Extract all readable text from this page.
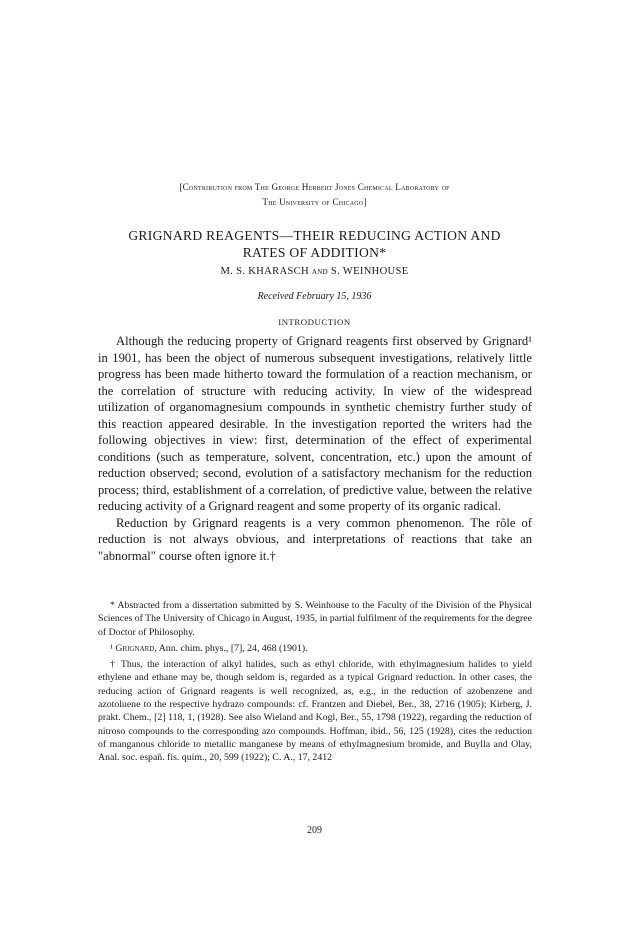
[Contribution from The George Herbert Jones Chemical Laboratory of
The University of Chicago]
GRIGNARD REAGENTS—THEIR REDUCING ACTION AND
RATES OF ADDITION*
M. S. KHARASCH and S. WEINHOUSE
Received February 15, 1936
INTRODUCTION

Although the reducing property of Grignard reagents first observed by Grignard¹ in 1901, has been the object of numerous subsequent investigations, relatively little progress has been made hitherto toward the formulation of a reaction mechanism, or the correlation of structure with reducing activity. In view of the widespread utilization of organomagnesium compounds in synthetic chemistry further study of this reaction appeared desirable. In the investigation reported the writers had the following objectives in view: first, determination of the effect of experimental conditions (such as temperature, solvent, concentration, etc.) upon the amount of reduction observed; second, evolution of a satisfactory mechanism for the reduction process; third, establishment of a correlation, of predictive value, between the relative reducing activity of a Grignard reagent and some property of its organic radical.

Reduction by Grignard reagents is a very common phenomenon. The rôle of reduction is not always obvious, and interpretations of reactions that take an "abnormal" course often ignore it.†

* Abstracted from a dissertation submitted by S. Weinhouse to the Faculty of the Division of the Physical Sciences of The University of Chicago in August, 1935, in partial fulfilment of the requirements for the degree of Doctor of Philosophy.

¹ Grignard, Ann. chim. phys., [7], 24, 468 (1901).

† Thus, the interaction of alkyl halides, such as ethyl chloride, with ethylmagnesium halides to yield ethylene and ethane may be, though seldom is, regarded as a typical Grignard reduction. In other cases, the reducing action of Grignard reagents is well recognized, as, e.g., in the reduction of azobenzene and azotoluene to the respective hydrazo compounds: cf. Frantzen and Diebel, Ber., 38, 2716 (1905); Kirberg, J. prakt. Chem., [2] 118, 1, (1928). See also Wieland and Kogl, Ber., 55, 1798 (1922), regarding the reduction of nitroso compounds to the corresponding azo compounds. Hoffman, ibid., 56, 125 (1928), cites the reduction of manganous chloride to metallic manganese by means of ethylmagnesium bromide, and Buylla and Olay, Anal. soc. españ. fís. quím., 20, 599 (1922); C. A., 17, 2412

209
